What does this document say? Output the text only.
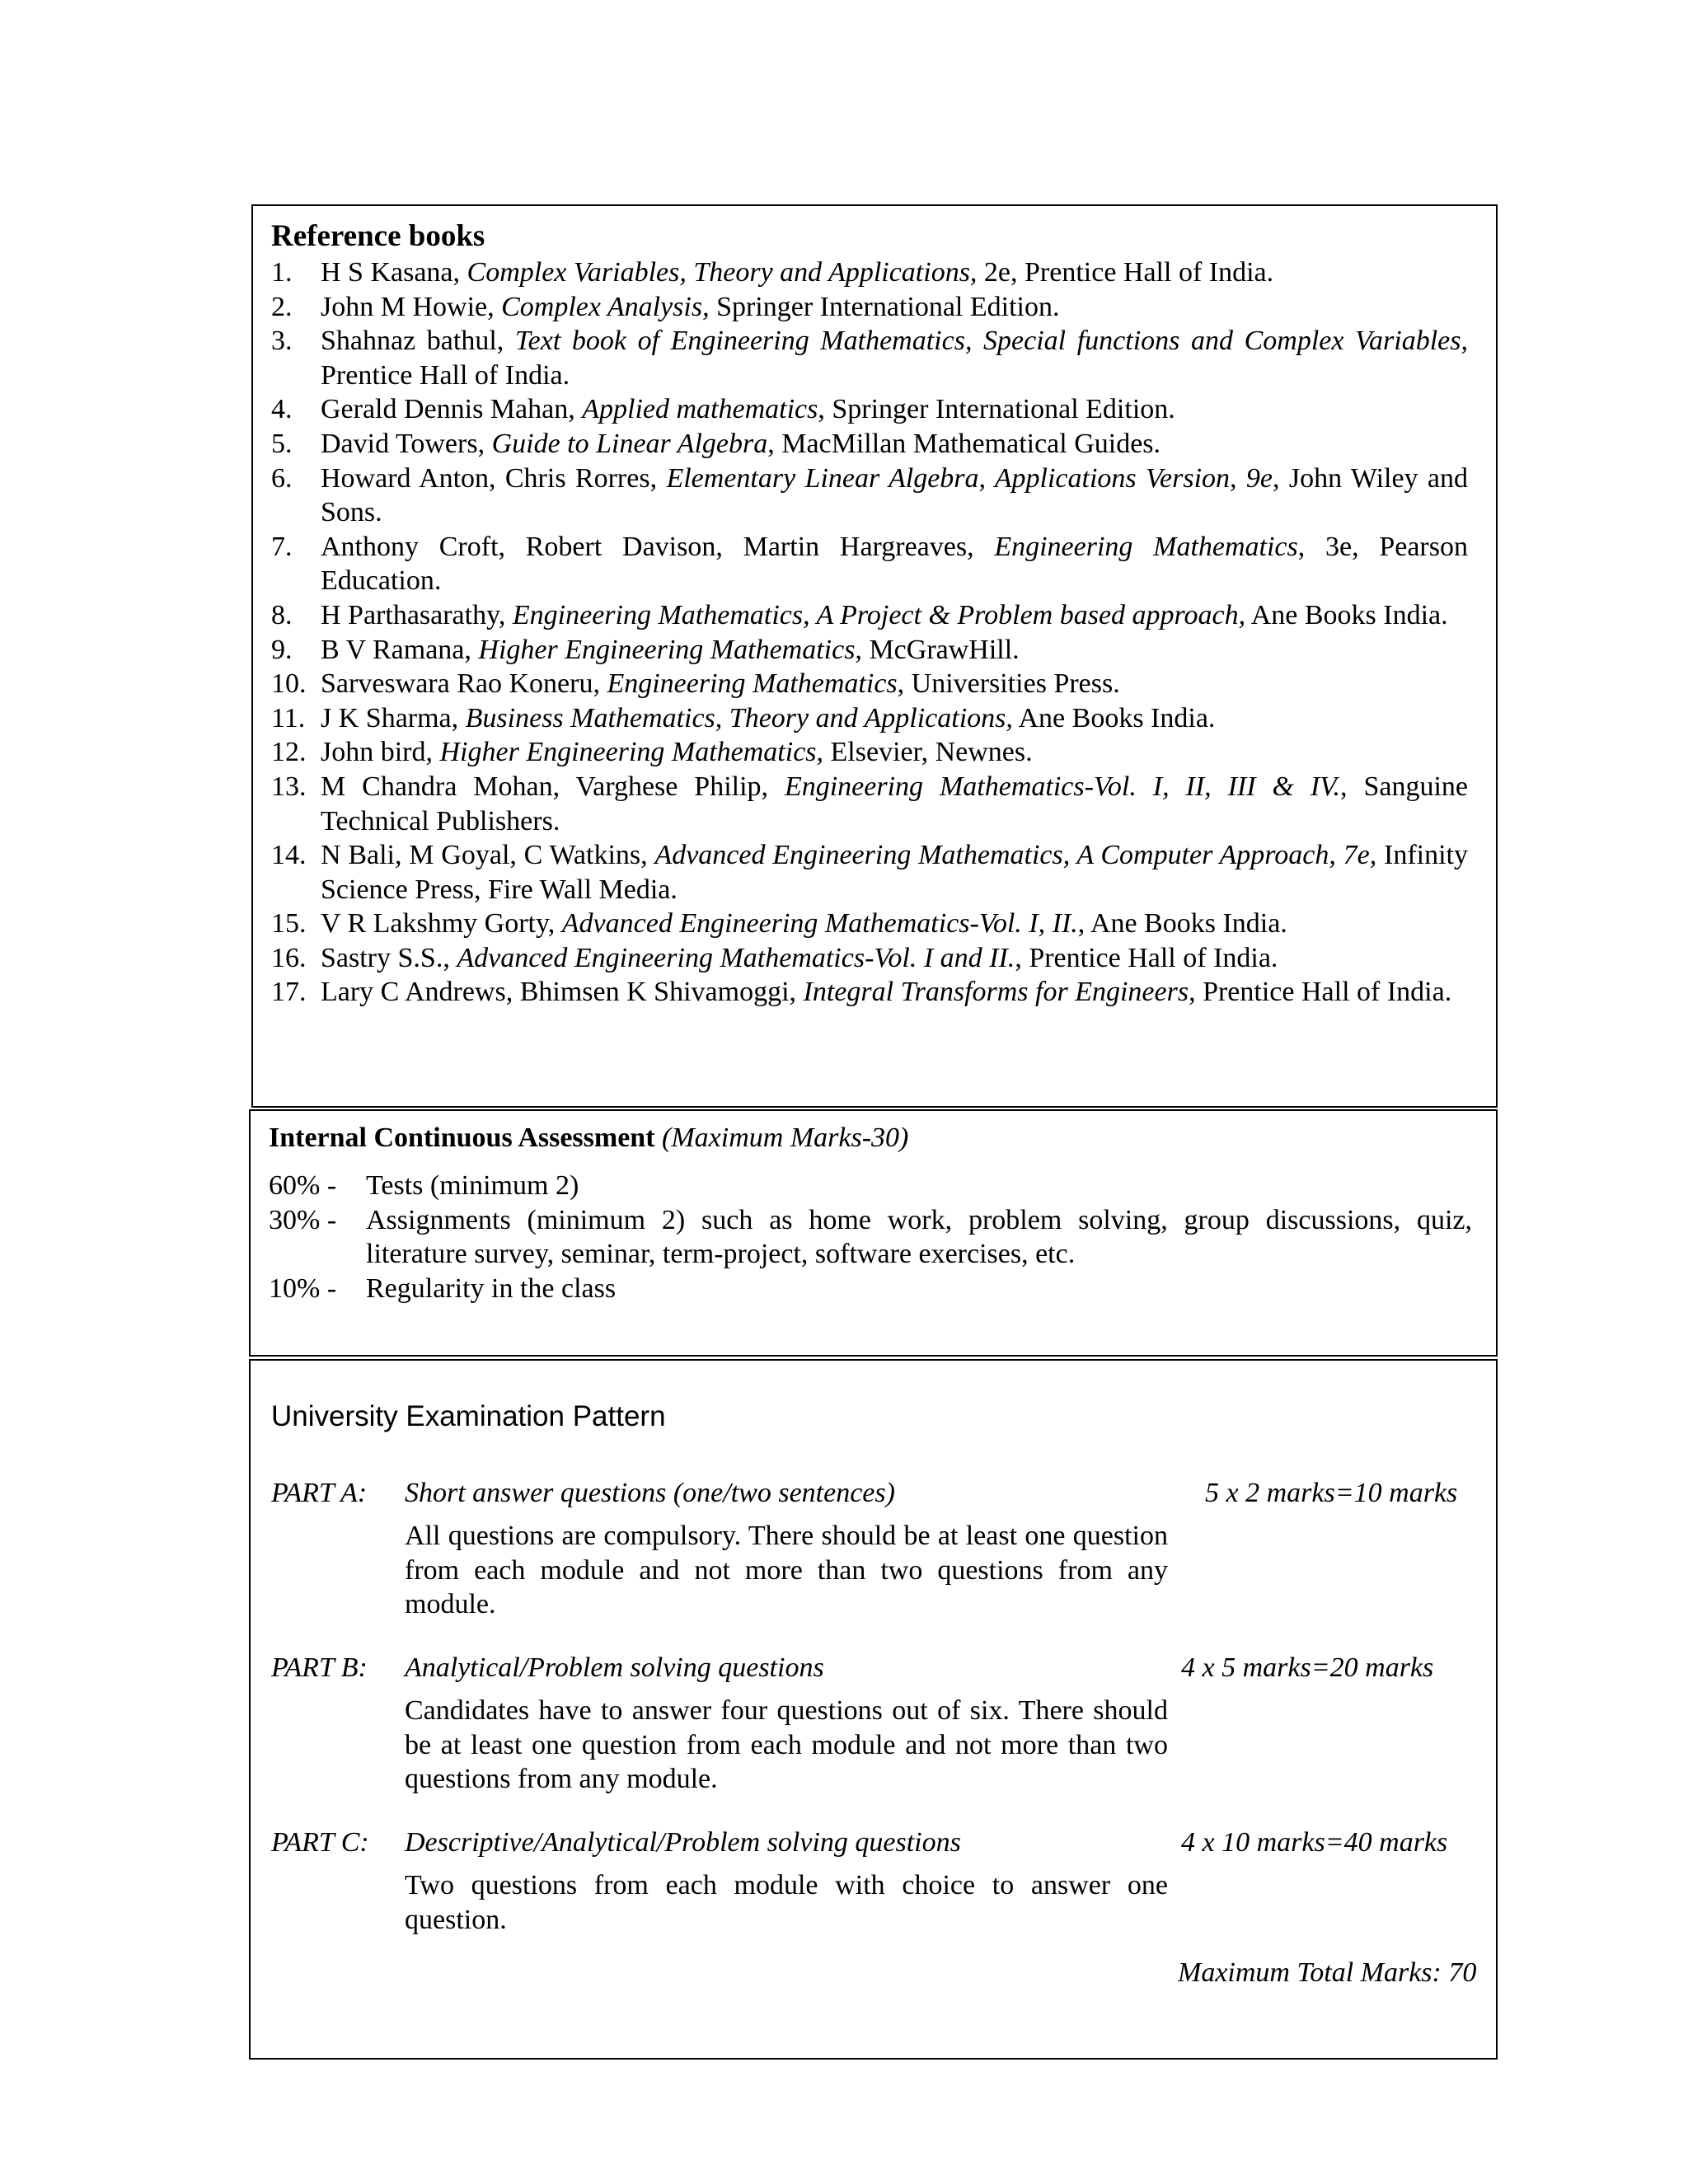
Reference books
1. H S Kasana, Complex Variables, Theory and Applications, 2e, Prentice Hall of India.
2. John M Howie, Complex Analysis, Springer International Edition.
3. Shahnaz bathul, Text book of Engineering Mathematics, Special functions and Complex Variables, Prentice Hall of India.
4. Gerald Dennis Mahan, Applied mathematics, Springer International Edition.
5. David Towers, Guide to Linear Algebra, MacMillan Mathematical Guides.
6. Howard Anton, Chris Rorres, Elementary Linear Algebra, Applications Version, 9e, John Wiley and Sons.
7. Anthony Croft, Robert Davison, Martin Hargreaves, Engineering Mathematics, 3e, Pearson Education.
8. H Parthasarathy, Engineering Mathematics, A Project & Problem based approach, Ane Books India.
9. B V Ramana, Higher Engineering Mathematics, McGrawHill.
10. Sarveswara Rao Koneru, Engineering Mathematics, Universities Press.
11. J K Sharma, Business Mathematics, Theory and Applications, Ane Books India.
12. John bird, Higher Engineering Mathematics, Elsevier, Newnes.
13. M Chandra Mohan, Varghese Philip, Engineering Mathematics-Vol. I, II, III & IV., Sanguine Technical Publishers.
14. N Bali, M Goyal, C Watkins, Advanced Engineering Mathematics, A Computer Approach, 7e, Infinity Science Press, Fire Wall Media.
15. V R Lakshmy Gorty, Advanced Engineering Mathematics-Vol. I, II., Ane Books India.
16. Sastry S.S., Advanced Engineering Mathematics-Vol. I and II., Prentice Hall of India.
17. Lary C Andrews, Bhimsen K Shivamoggi, Integral Transforms for Engineers, Prentice Hall of India.
Internal Continuous Assessment (Maximum Marks-30)
60% - Tests (minimum 2)
30% - Assignments (minimum 2) such as home work, problem solving, group discussions, quiz, literature survey, seminar, term-project, software exercises, etc.
10% - Regularity in the class
University Examination Pattern
PART A: Short answer questions (one/two sentences)	5 x 2 marks=10 marks
All questions are compulsory. There should be at least one question from each module and not more than two questions from any module.
PART B: Analytical/Problem solving questions	4 x 5 marks=20 marks
Candidates have to answer four questions out of six. There should be at least one question from each module and not more than two questions from any module.
PART C: Descriptive/Analytical/Problem solving questions	4 x 10 marks=40 marks
Two questions from each module with choice to answer one question.
Maximum Total Marks: 70
